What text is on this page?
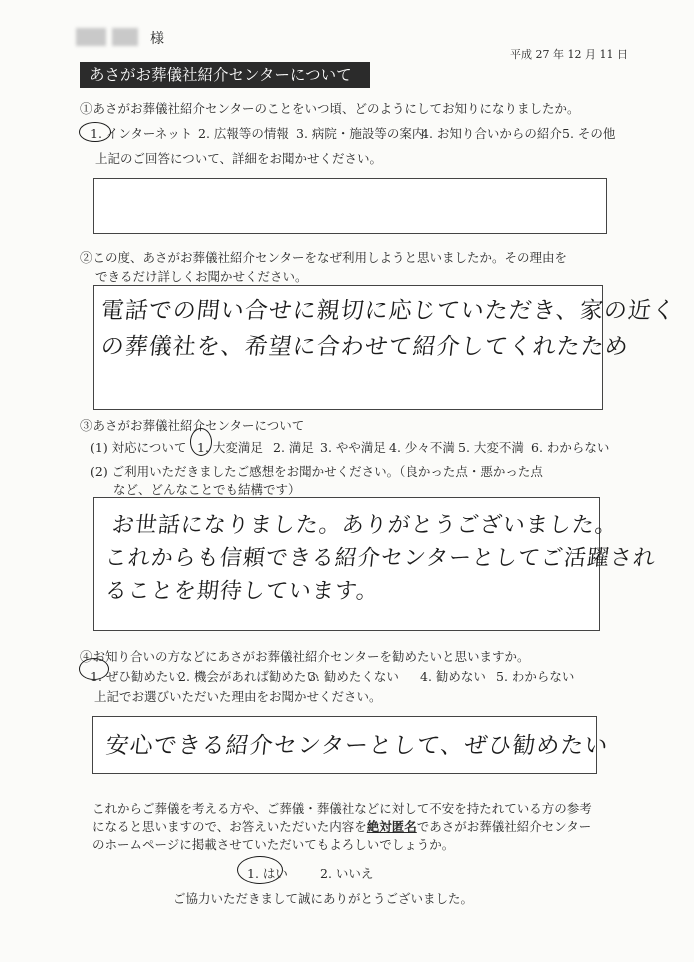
様
平成 27 年 12 月 11 日
あさがお葬儀社紹介センターについて
①あさがお葬儀社紹介センターのことをいつ頃、どのようにしてお知りになりましたか。
1. インターネット 2. 広報等の情報 3. 病院・施設等の案内
4. お知り合いからの紹介 5. その他
上記のご回答について、詳細をお聞かせください。
②この度、あさがお葬儀社紹介センターをなぜ利用しようと思いましたか。その理由を
できるだけ詳しくお聞かせください。
電話での問い合せに親切に応じていただき、家の近く
の葬儀社を、希望に合わせて紹介してくれたため
③あさがお葬儀社紹介センターについて
(1) 対応について 1. 大変満足 2. 満足 3. やや満足 4. 少々不満 5. 大変不満 6. わからない
(2) ご利用いただきましたご感想をお聞かせください。（良かった点・悪かった点
など、どんなことでも結構です）
お世話になりました。ありがとうございました。
これからも信頼できる紹介センターとしてご活躍され
ることを期待しています。
④お知り合いの方などにあさがお葬儀社紹介センターを勧めたいと思いますか。
1. ぜひ勧めたい
2. 機会があれば勧めたい
3. 勧めたくない 4. 勧めない 5. わからない
上記でお選びいただいた理由をお聞かせください。
安心できる紹介センターとして、ぜひ勧めたい
これからご葬儀を考える方や、ご葬儀・葬儀社などに対して不安を持たれている方の参考
になると思いますので、お答えいただいた内容を絶対匿名であさがお葬儀社紹介センター
のホームページに掲載させていただいてもよろしいでしょうか。
1. はい	2. いいえ
ご協力いただきまして誠にありがとうございました。
